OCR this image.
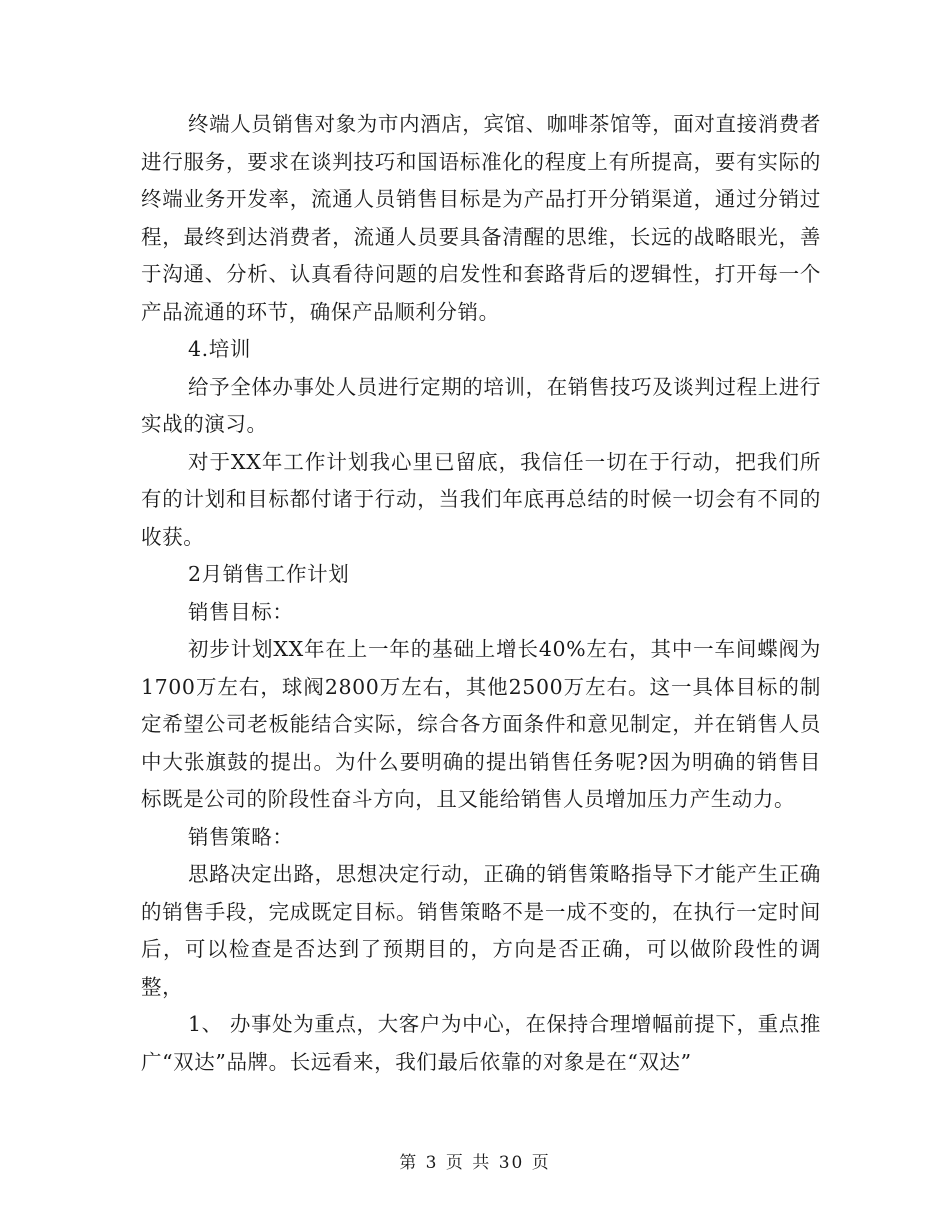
终端人员销售对象为市内酒店，宾馆、咖啡茶馆等，面对直接消费者进行服务，要求在谈判技巧和国语标准化的程度上有所提高，要有实际的终端业务开发率，流通人员销售目标是为产品打开分销渠道，通过分销过程，最终到达消费者，流通人员要具备清醒的思维，长远的战略眼光，善于沟通、分析、认真看待问题的启发性和套路背后的逻辑性，打开每一个产品流通的环节，确保产品顺利分销。

4.培训

给予全体办事处人员进行定期的培训，在销售技巧及谈判过程上进行实战的演习。

对于XX年工作计划我心里已留底，我信任一切在于行动，把我们所有的计划和目标都付诸于行动，当我们年底再总结的时候一切会有不同的收获。

2月销售工作计划

销售目标：

初步计划XX年在上一年的基础上增长40%左右，其中一车间蝶阀为1700万左右，球阀2800万左右，其他2500万左右。这一具体目标的制定希望公司老板能结合实际，综合各方面条件和意见制定，并在销售人员中大张旗鼓的提出。为什么要明确的提出销售任务呢?因为明确的销售目标既是公司的阶段性奋斗方向，且又能给销售人员增加压力产生动力。

销售策略：

思路决定出路，思想决定行动，正确的销售策略指导下才能产生正确的销售手段，完成既定目标。销售策略不是一成不变的，在执行一定时间后，可以检查是否达到了预期目的，方向是否正确，可以做阶段性的调整，

1、 办事处为重点，大客户为中心，在保持合理增幅前提下，重点推广“双达”品牌。长远看来，我们最后依靠的对象是在“双达”

第 3 页 共 30 页
